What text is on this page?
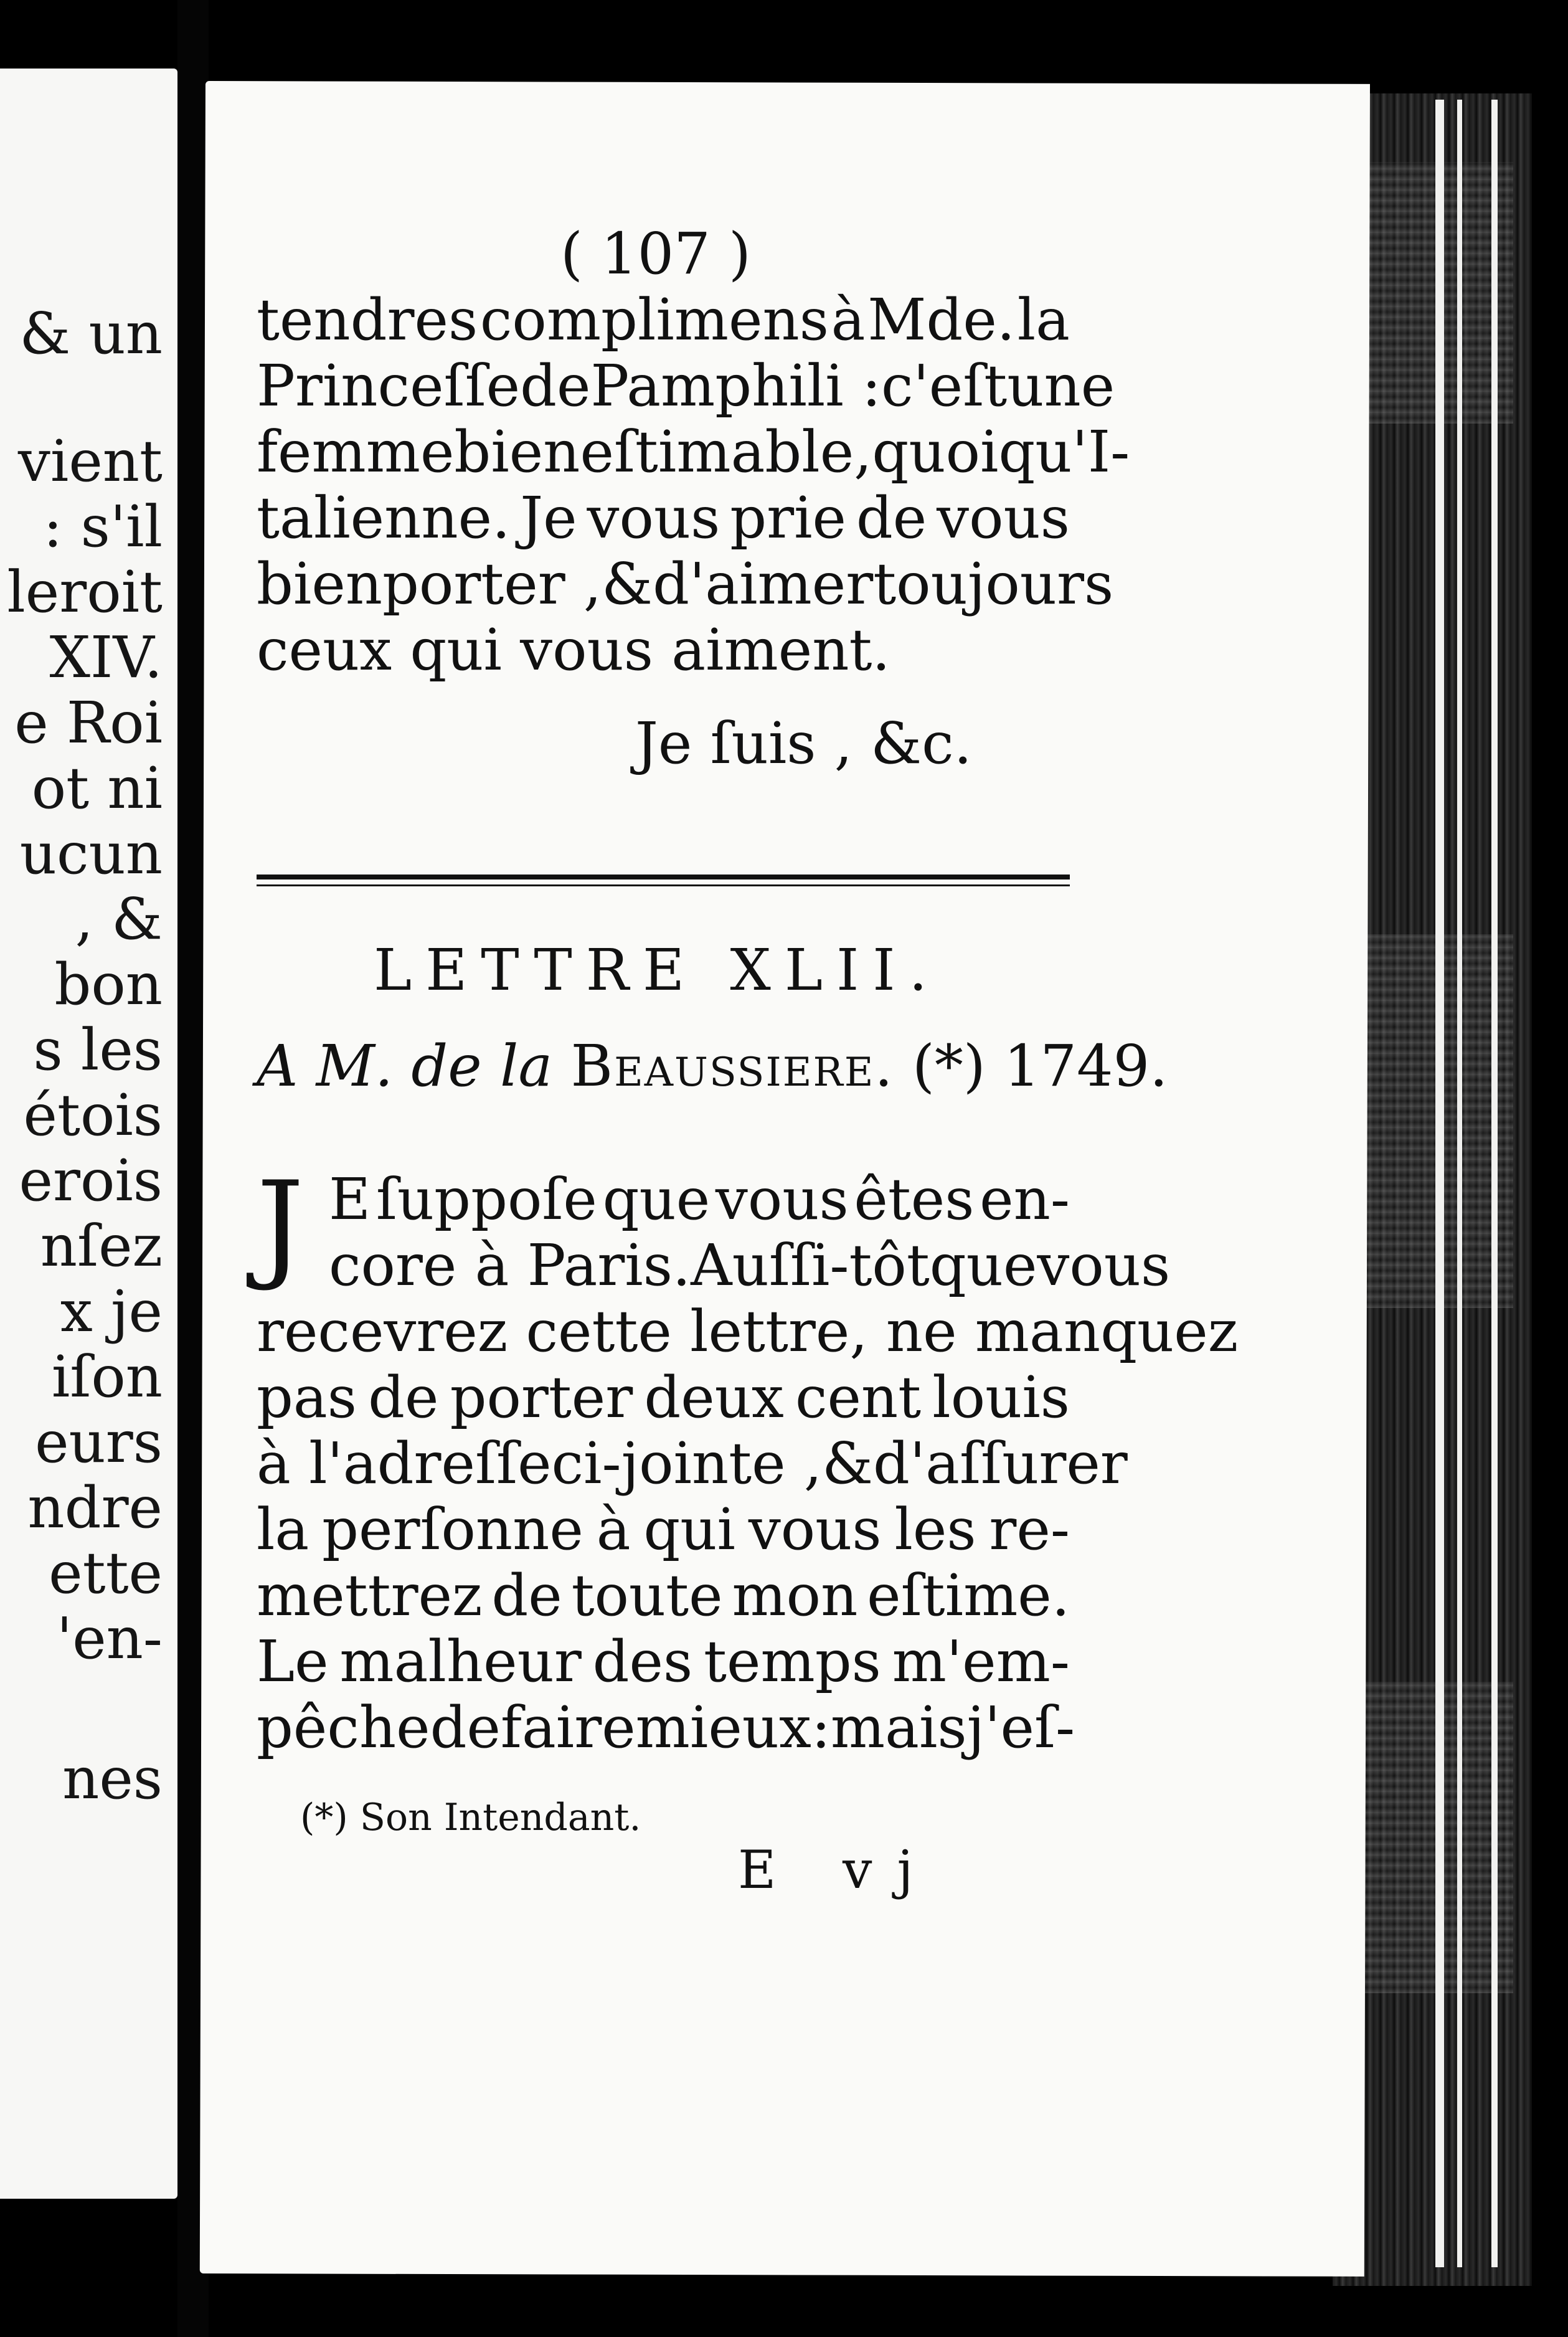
& un
vient
: s'il
leroit
XIV.
e Roi
ot ni
ucun
, &
bon
s les
étois
erois
nſez
x je
iſon
eurs
ndre
ette
'en-
nes
( 107 )
tendres complimens à Mde. la
Princeſſe de Pamphili : c'eſt une
femme bien eſtimable, quoiqu'I-
talienne. Je vous prie de vous
bien porter , & d'aimer toujours
ceux qui vous aiment.
Je ſuis , &c.
LETTRE XLII.
A M. de la Beaussiere. (*) 1749.
J E ſuppoſe que vous êtes en-
core à Paris. Auſſi-tôt que vous
recevrez cette lettre, ne manquez
pas de porter deux cent louis
à l'adreſſe ci-jointe , & d'aſſurer
la perſonne à qui vous les re-
mettrez de toute mon eſtime.
Le malheur des temps m'em-
pêche de faire mieux: mais j'eſ-
(*) Son Intendant.
E vj
